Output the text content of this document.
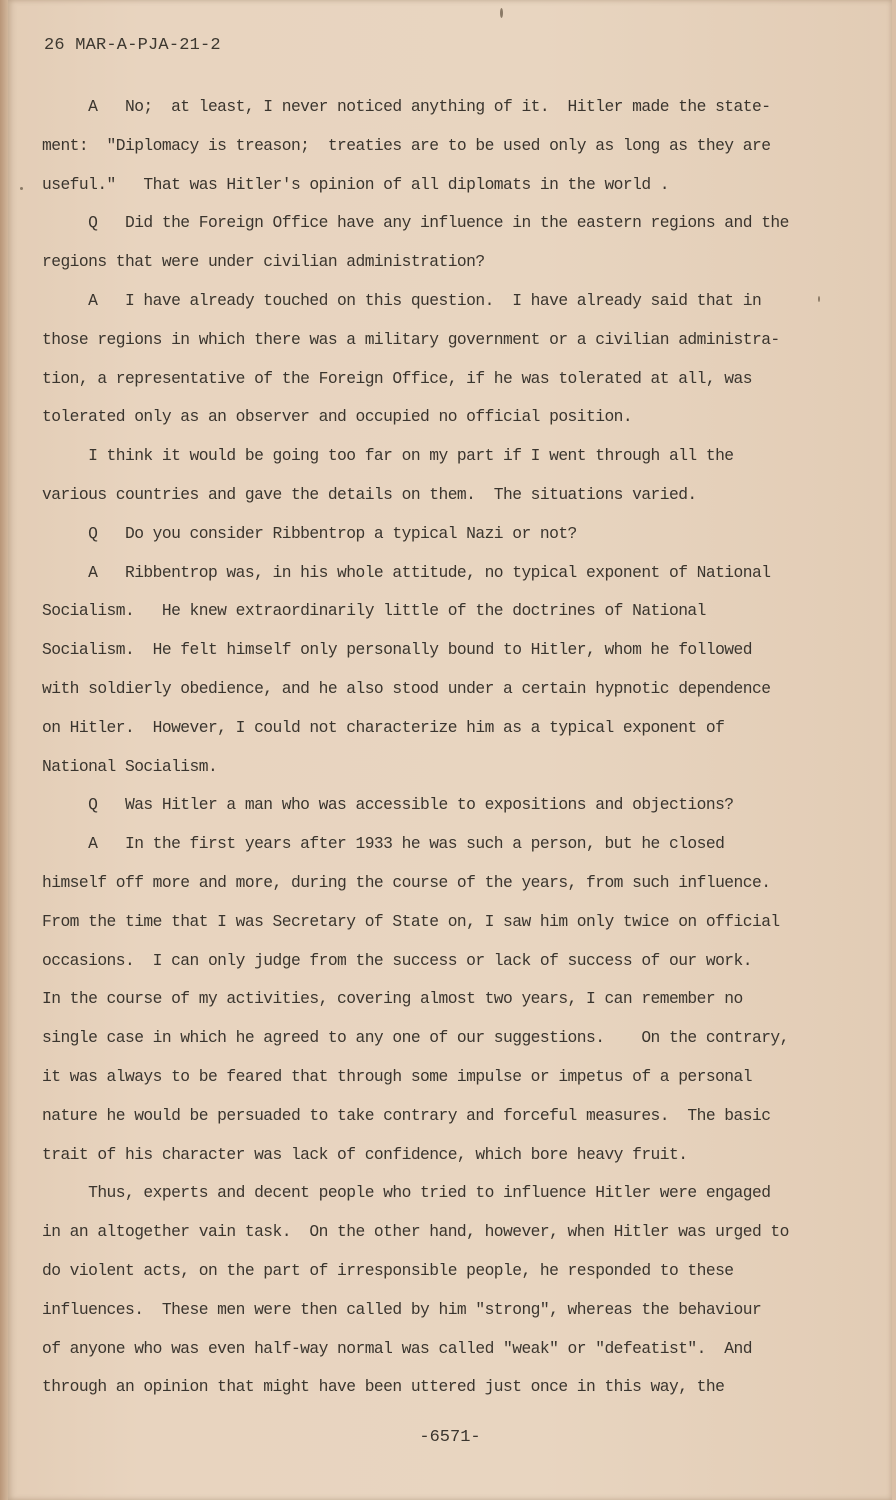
26 MAR-A-PJA-21-2
A   No;  at least, I never noticed anything of it.  Hitler made the state-
ment:  "Diplomacy is treason;  treaties are to be used only as long as they are
useful."   That was Hitler's opinion of all diplomats in the world .
Q   Did the Foreign Office have any influence in the eastern regions and the
regions that were under civilian administration?
A   I have already touched on this question.  I have already said that in
those regions in which there was a military government or a civilian administra-
tion, a representative of the Foreign Office, if he was tolerated at all, was
tolerated only as an observer and occupied no official position.
I think it would be going too far on my part if I went through all the
various countries and gave the details on them.  The situations varied.
Q   Do you consider Ribbentrop a typical Nazi or not?
A   Ribbentrop was, in his whole attitude, no typical exponent of National
Socialism.   He knew extraordinarily little of the doctrines of National
Socialism.  He felt himself only personally bound to Hitler, whom he followed
with soldierly obedience, and he also stood under a certain hypnotic dependence
on Hitler.  However, I could not characterize him as a typical exponent of
National Socialism.
Q   Was Hitler a man who was accessible to expositions and objections?
A   In the first years after 1933 he was such a person, but he closed
himself off more and more, during the course of the years, from such influence.
From the time that I was Secretary of State on, I saw him only twice on official
occasions.  I can only judge from the success or lack of success of our work.
In the course of my activities, covering almost two years, I can remember no
single case in which he agreed to any one of our suggestions.    On the contrary,
it was always to be feared that through some impulse or impetus of a personal
nature he would be persuaded to take contrary and forceful measures.  The basic
trait of his character was lack of confidence, which bore heavy fruit.
Thus, experts and decent people who tried to influence Hitler were engaged
in an altogether vain task.  On the other hand, however, when Hitler was urged to
do violent acts, on the part of irresponsible people, he responded to these
influences.  These men were then called by him "strong", whereas the behaviour
of anyone who was even half-way normal was called "weak" or "defeatist".  And
through an opinion that might have been uttered just once in this way, the
-6571-
